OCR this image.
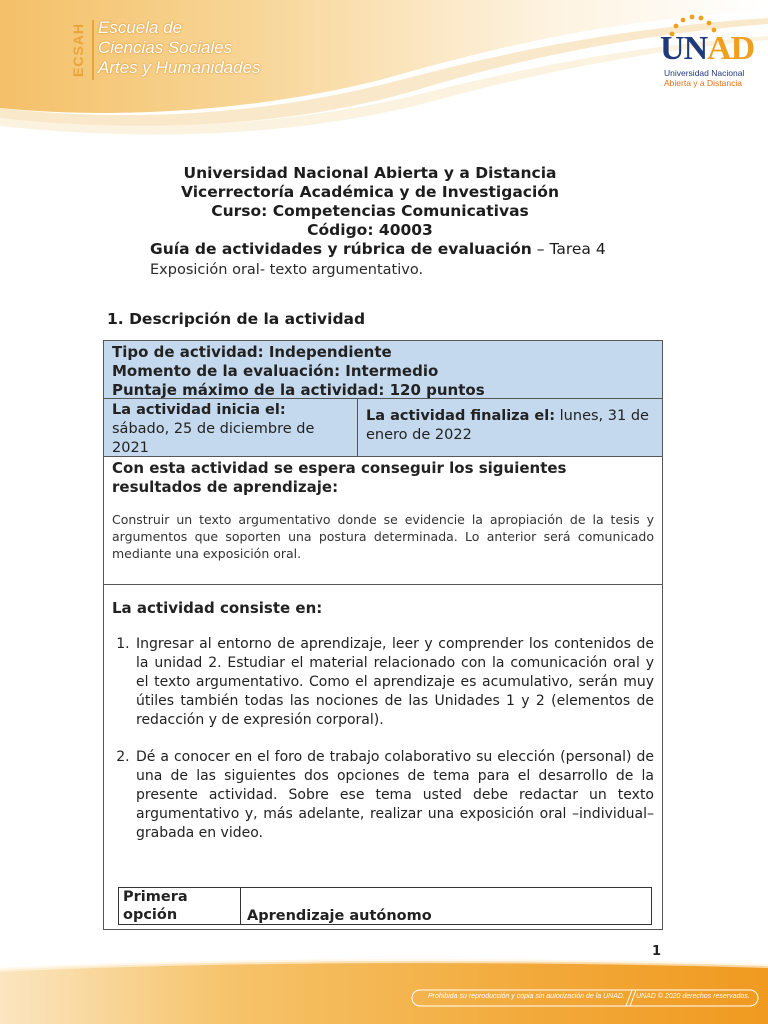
ECSAH Escuela de
Ciencias Sociales
Artes y Humanidades
UNAD
Universidad Nacional
Abierta y a Distancia
Universidad Nacional Abierta y a Distancia
Vicerrectoría Académica y de Investigación
Curso: Competencias Comunicativas
Código: 40003
Guía de actividades y rúbrica de evaluación – Tarea 4
Exposición oral- texto argumentativo.
1. Descripción de la actividad
Tipo de actividad: Independiente
Momento de la evaluación: Intermedio
Puntaje máximo de la actividad: 120 puntos
La actividad inicia el:
sábado, 25 de diciembre de 2021
La actividad finaliza el: lunes, 31 de enero de 2022
Con esta actividad se espera conseguir los siguientes resultados de aprendizaje:
Construir un texto argumentativo donde se evidencie la apropiación de la tesis y argumentos que soporten una postura determinada. Lo anterior será comunicado mediante una exposición oral.
La actividad consiste en:
1. Ingresar al entorno de aprendizaje, leer y comprender los contenidos de la unidad 2. Estudiar el material relacionado con la comunicación oral y el texto argumentativo. Como el aprendizaje es acumulativo, serán muy útiles también todas las nociones de las Unidades 1 y 2 (elementos de redacción y de expresión corporal).
2. Dé a conocer en el foro de trabajo colaborativo su elección (personal) de una de las siguientes dos opciones de tema para el desarrollo de la presente actividad. Sobre ese tema usted debe redactar un texto argumentativo y, más adelante, realizar una exposición oral –individual– grabada en video.
Primera opción	Aprendizaje autónomo
1
Prohibida su reproducción y copia sin autorización de la UNAD. UNAD © 2020 derechos reservados.
